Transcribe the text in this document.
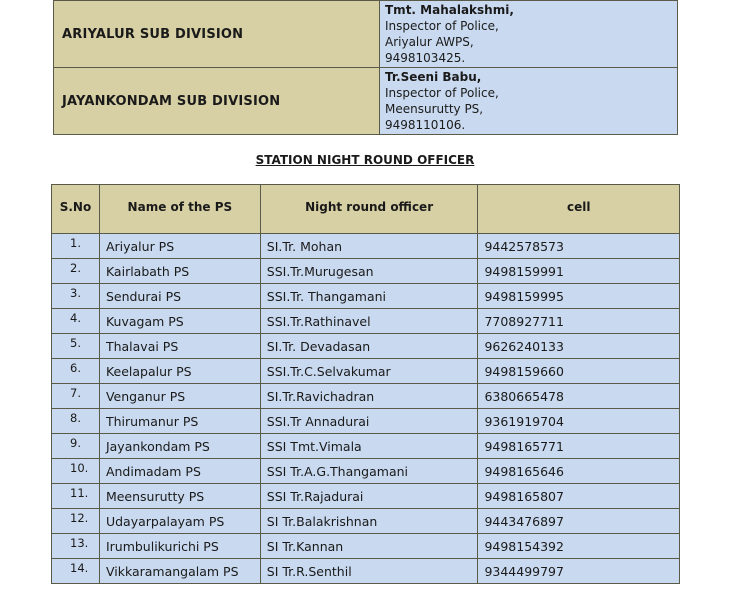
ARIYALUR SUB DIVISION	Tmt. Mahalakshmi,
Inspector of Police,
Ariyalur AWPS,
9498103425.

JAYANKONDAM SUB DIVISION	Tr.Seeni Babu,
Inspector of Police,
Meensurutty PS,
9498110106.
STATION NIGHT ROUND OFFICER
S.No	Name of the PS	Night round officer	cell
1.	Ariyalur PS	SI.Tr. Mohan	9442578573
2.	Kairlabath PS	SSI.Tr.Murugesan	9498159991
3.	Sendurai PS	SSI.Tr. Thangamani	9498159995
4.	Kuvagam PS	SSI.Tr.Rathinavel	7708927711
5.	Thalavai PS	SI.Tr. Devadasan	9626240133
6.	Keelapalur PS	SSI.Tr.C.Selvakumar	9498159660
7.	Venganur PS	SI.Tr.Ravichadran	6380665478
8.	Thirumanur PS	SSI.Tr Annadurai	9361919704
9.	Jayankondam PS	SSI Tmt.Vimala	9498165771
10.	Andimadam PS	SSI Tr.A.G.Thangamani	9498165646
11.	Meensurutty PS	SSI Tr.Rajadurai	9498165807
12.	Udayarpalayam PS	SI Tr.Balakrishnan	9443476897
13.	Irumbulikurichi PS	SI Tr.Kannan	9498154392
14.	Vikkaramangalam PS	SI Tr.R.Senthil	9344499797
